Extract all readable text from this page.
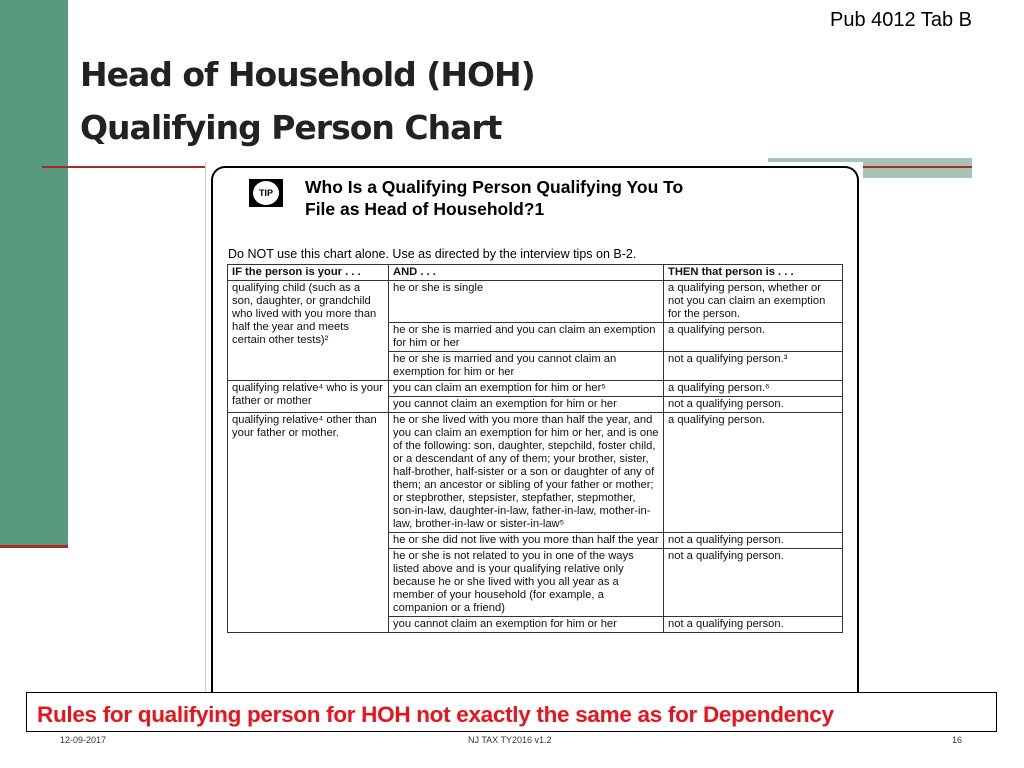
Pub 4012 Tab B
Head of Household (HOH)
Qualifying Person Chart
TIP	Who Is a Qualifying Person Qualifying You To
File as Head of Household?1
Do NOT use this chart alone. Use as directed by the interview tips on B-2.
IF the person is your . . .	AND . . .	THEN that person is . . .
qualifying child (such as a son, daughter, or grandchild who lived with you more than half the year and meets certain other tests)²	he or she is single	a qualifying person, whether or not you can claim an exemption for the person.
	he or she is married and you can claim an exemption for him or her	a qualifying person.
	he or she is married and you cannot claim an exemption for him or her	not a qualifying person.³
qualifying relative⁴ who is your father or mother	you can claim an exemption for him or her⁵	a qualifying person.⁶
	you cannot claim an exemption for him or her	not a qualifying person.
qualifying relative⁴ other than your father or mother.	he or she lived with you more than half the year, and you can claim an exemption for him or her, and is one of the following: son, daughter, stepchild, foster child, or a descendant of any of them; your brother, sister, half-brother, half-sister or a son or daughter of any of them; an ancestor or sibling of your father or mother; or stepbrother, stepsister, stepfather, stepmother, son-in-law, daughter-in-law, father-in-law, mother-in-law, brother-in-law or sister-in-law⁵	a qualifying person.
	he or she did not live with you more than half the year	not a qualifying person.
	he or she is not related to you in one of the ways listed above and is your qualifying relative only because he or she lived with you all year as a member of your household (for example, a companion or a friend)	not a qualifying person.
	you cannot claim an exemption for him or her	not a qualifying person.
Rules for qualifying person for HOH not exactly the same as for Dependency
12-09-2017	NJ TAX TY2016 v1.2	16
